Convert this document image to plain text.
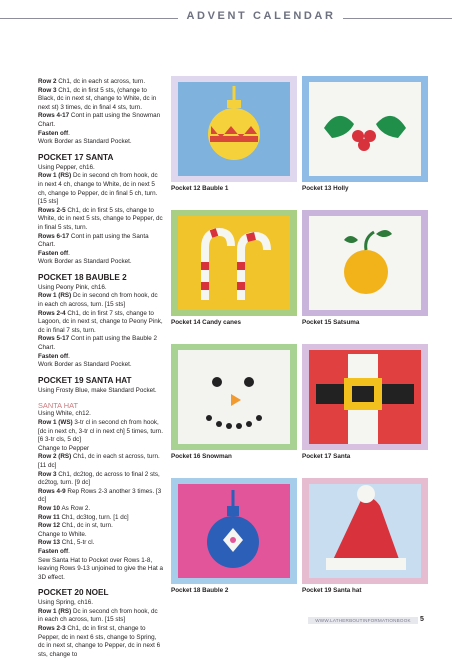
ADVENT CALENDAR

Row 2 Ch1, dc in each st across, turn.

Row 3 Ch1, dc in first 5 sts, (change to Black, dc in next st, change to White, dc in next st) 3 times, dc in final 4 sts, turn.

Rows 4-17 Cont in patt using the Snowman Chart.

Fasten off.

Work Border as Standard Pocket.

POCKET 17 SANTA

Using Pepper, ch16.

Row 1 (RS) Dc in second ch from hook, dc in next 4 ch, change to White, dc in next 5 ch, change to Pepper, dc in final 5 ch, turn. [15 sts]

Rows 2-5 Ch1, dc in first 5 sts, change to White, dc in next 5 sts, change to Pepper, dc in final 5 sts, turn.

Rows 6-17 Cont in patt using the Santa Chart.

Fasten off.

Work Border as Standard Pocket.

POCKET 18 BAUBLE 2

Using Peony Pink, ch16.

Row 1 (RS) Dc in second ch from hook, dc in each ch across, turn. [15 sts]

Rows 2-4 Ch1, dc in first 7 sts, change to Lagoon, dc in next st, change to Peony Pink, dc in final 7 sts, turn.

Rows 5-17 Cont in patt using the Bauble 2 Chart.

Fasten off.

Work Border as Standard Pocket.

POCKET 19 SANTA HAT

Using Frosty Blue, make Standard Pocket.

SANTA HAT

Using White, ch12.

Row 1 (WS) 3-tr cl in second ch from hook, [dc in next ch, 3-tr cl in next ch] 5 times, turn. [6 3-tr cls, 5 dc]

Change to Pepper

Row 2 (RS) Ch1, dc in each st across, turn. [11 dc]

Row 3 Ch1, dc2tog, dc across to final 2 sts, dc2tog, turn. [9 dc]

Rows 4-9 Rep Rows 2-3 another 3 times. [3 dc]

Row 10 As Row 2.

Row 11 Ch1, dc3tog, turn. [1 dc]

Row 12 Ch1, dc in st, turn.

Change to White.

Row 13 Ch1, 5-tr cl.

Fasten off.

Sew Santa Hat to Pocket over Rows 1-8, leaving Rows 9-13 unjoined to give the Hat a 3D effect.

POCKET 20 NOEL

Using Spring, ch16.

Row 1 (RS) Dc in second ch from hook, dc in each ch across, turn. [15 sts]

Rows 2-3 Ch1, dc in first st, change to Pepper, dc in next 6 sts, change to Spring, dc in next st, change to Pepper, dc in next 6 sts, change to

Pocket 12 Bauble 1	Pocket 13 Holly
Pocket 14 Candy canes	Pocket 15 Satsuma
Pocket 16 Snowman	Pocket 17 Santa
Pocket 18 Bauble 2	Pocket 19 Santa hat
WWW.LATHERBOUTINFORMATIONBOOK	5
